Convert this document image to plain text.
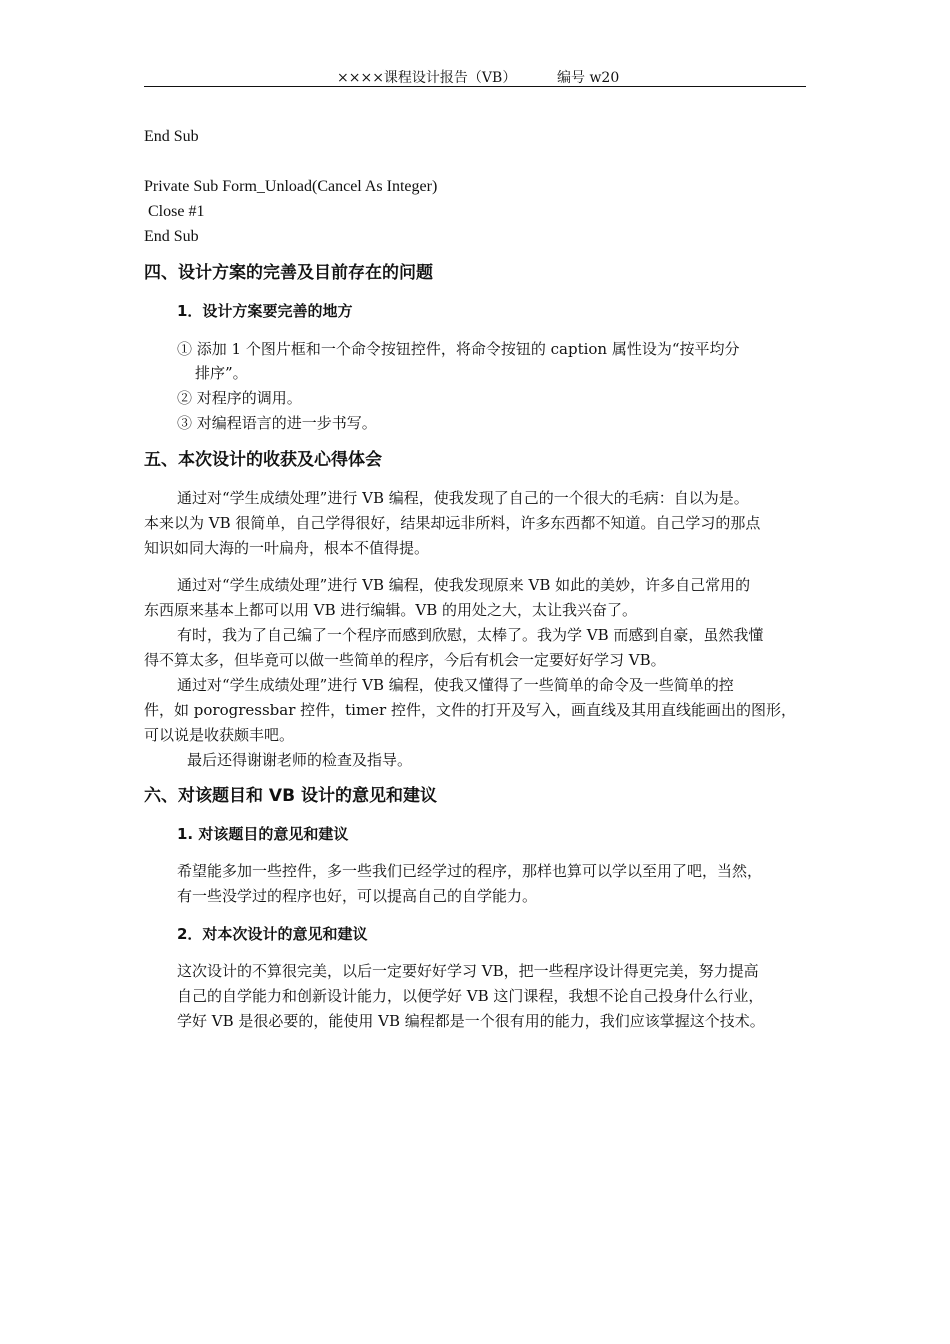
××××课程设计报告（VB）	编号 w20
End Sub
Private Sub Form_Unload(Cancel As Integer)
Close #1
End Sub
四、设计方案的完善及目前存在的问题
1．设计方案要完善的地方
① 添加 1 个图片框和一个命令按钮控件，将命令按钮的 caption 属性设为“按平均分
排序”。
② 对程序的调用。
③ 对编程语言的进一步书写。
五、本次设计的收获及心得体会
通过对“学生成绩处理”进行 VB 编程，使我发现了自己的一个很大的毛病：自以为是。
本来以为 VB 很简单，自己学得很好，结果却远非所料，许多东西都不知道。自己学习的那点
知识如同大海的一叶扁舟，根本不值得提。
通过对“学生成绩处理”进行 VB 编程，使我发现原来 VB 如此的美妙，许多自己常用的
东西原来基本上都可以用 VB 进行编辑。VB 的用处之大，太让我兴奋了。
有时，我为了自己编了一个程序而感到欣慰，太棒了。我为学 VB 而感到自豪，虽然我懂
得不算太多，但毕竟可以做一些简单的程序，今后有机会一定要好好学习 VB。
通过对“学生成绩处理”进行 VB 编程，使我又懂得了一些简单的命令及一些简单的控
件，如 porogressbar 控件，timer 控件，文件的打开及写入，画直线及其用直线能画出的图形，
可以说是收获颇丰吧。
最后还得谢谢老师的检查及指导。
六、对该题目和 VB 设计的意见和建议
1. 对该题目的意见和建议
希望能多加一些控件，多一些我们已经学过的程序，那样也算可以学以至用了吧，当然，
有一些没学过的程序也好，可以提高自己的自学能力。
2．对本次设计的意见和建议
这次设计的不算很完美，以后一定要好好学习 VB，把一些程序设计得更完美，努力提高
自己的自学能力和创新设计能力，以便学好 VB 这门课程，我想不论自己投身什么行业，
学好 VB 是很必要的，能使用 VB 编程都是一个很有用的能力，我们应该掌握这个技术。
